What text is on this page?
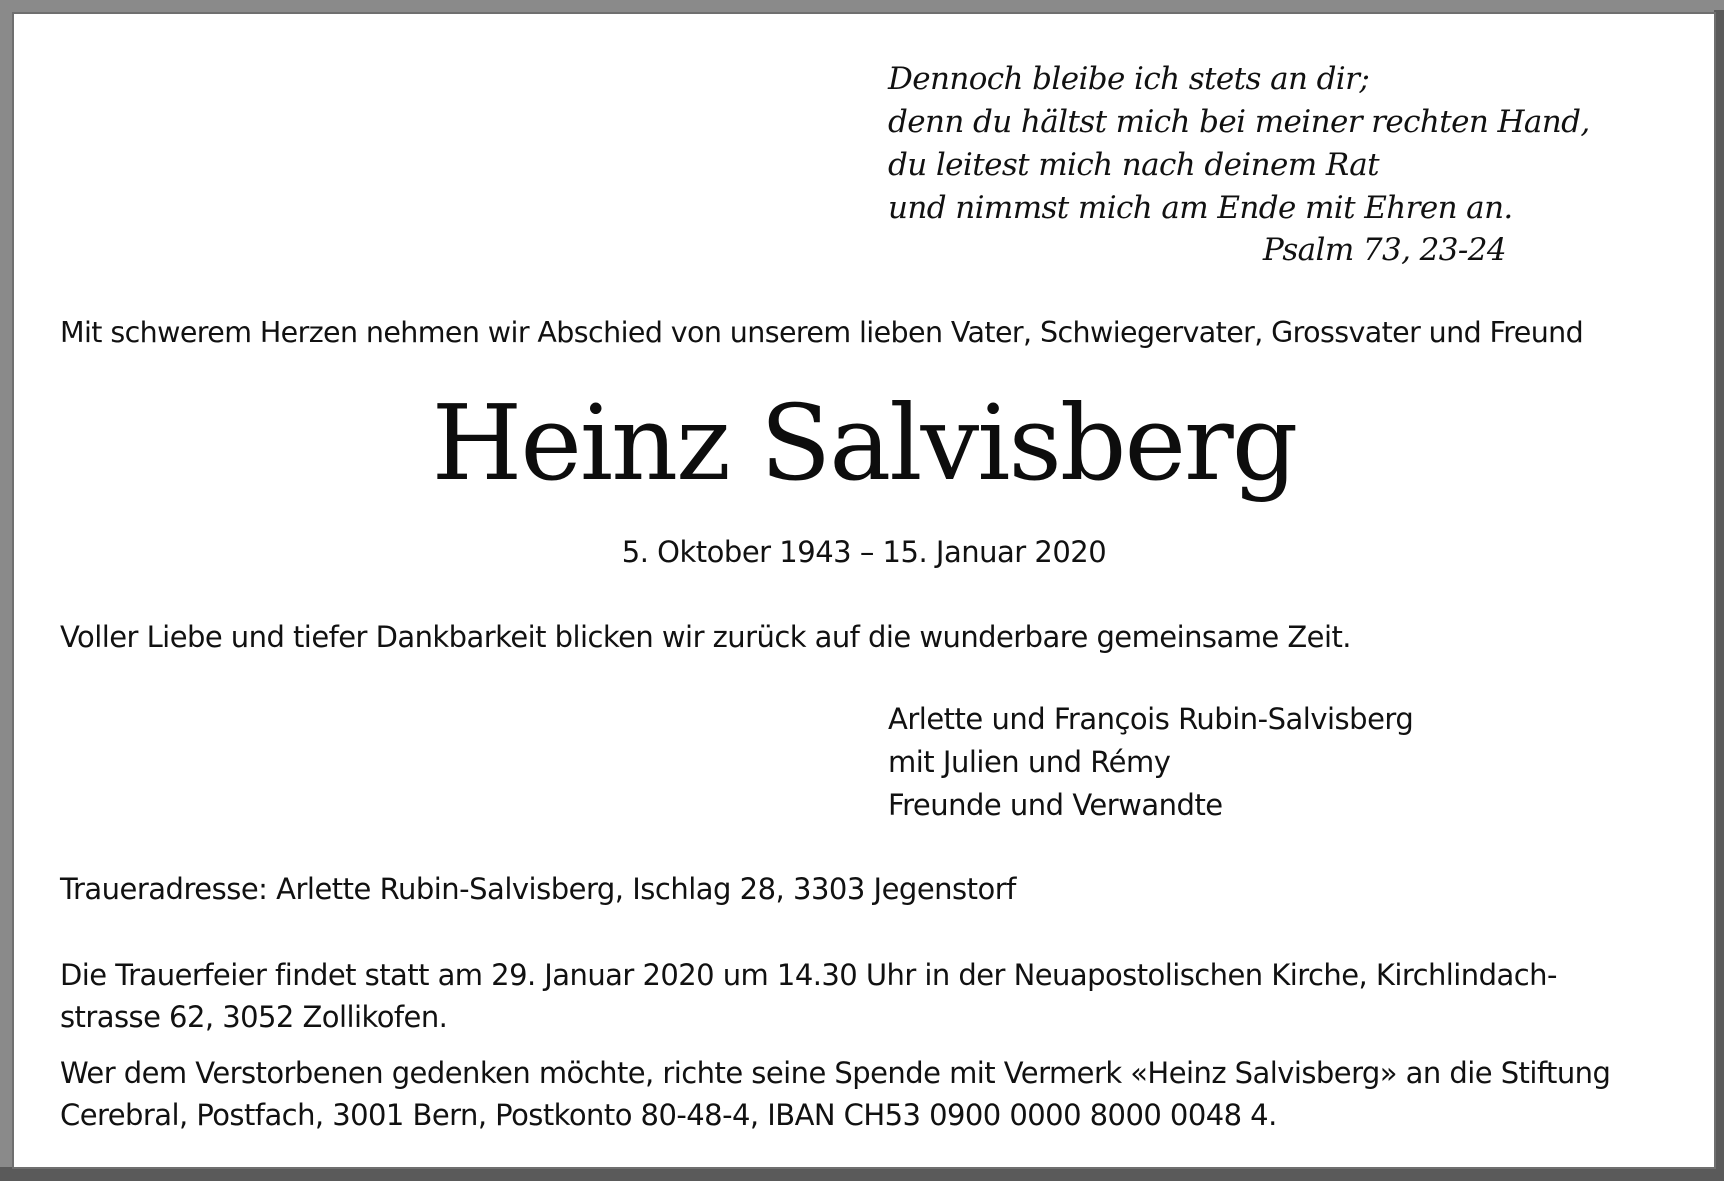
Dennoch bleibe ich stets an dir;
denn du hältst mich bei meiner rechten Hand,
du leitest mich nach deinem Rat
und nimmst mich am Ende mit Ehren an.
Psalm 73, 23-24
Mit schwerem Herzen nehmen wir Abschied von unserem lieben Vater, Schwiegervater, Grossvater und Freund
Heinz Salvisberg
5. Oktober 1943 – 15. Januar 2020
Voller Liebe und tiefer Dankbarkeit blicken wir zurück auf die wunderbare gemeinsame Zeit.
Arlette und François Rubin-Salvisberg
mit Julien und Rémy
Freunde und Verwandte
Traueradresse: Arlette Rubin-Salvisberg, Ischlag 28, 3303 Jegenstorf
Die Trauerfeier findet statt am 29. Januar 2020 um 14.30 Uhr in der Neuapostolischen Kirche, Kirchlindach-
strasse 62, 3052 Zollikofen.
Wer dem Verstorbenen gedenken möchte, richte seine Spende mit Vermerk «Heinz Salvisberg» an die Stiftung
Cerebral, Postfach, 3001 Bern, Postkonto 80-48-4, IBAN CH53 0900 0000 8000 0048 4.
